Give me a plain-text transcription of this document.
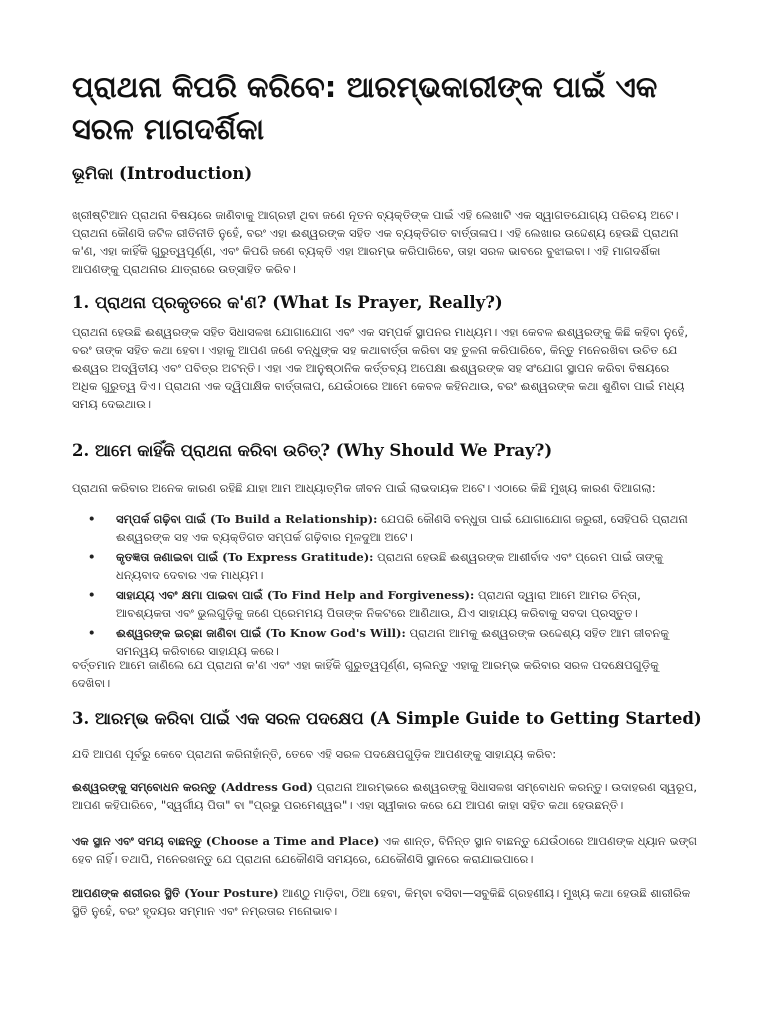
ପ୍ରାଥନା କିପରି କରିବେ: ଆରମ୍ଭକାରୀଙ୍କ ପାଇଁ ଏକ ସରଳ ମାଗଦର୍ଶିକା
ଭୂମିକା (Introduction)

ଖ୍ରୀଷ୍ଟିଆନ ପ୍ରାଥନା ବିଷୟରେ ଜାଣିବାକୁ ଆଗ୍ରହୀ ଥିବା ଜଣେ ନୂତନ ବ୍ୟକ୍ତିଙ୍କ ପାଇଁ ଏହି ଲେଖାଟି ଏକ ସ୍ୱାଗତଯୋଗ୍ୟ ପରିଚୟ ଅଟେ। ପ୍ରାଥନା କୌଣସି ଜଟିଳ ରୀତିନୀତି ନୁହେଁ, ବରଂ ଏହା ଈଶ୍ୱରଙ୍କ ସହିତ ଏକ ବ୍ୟକ୍ତିଗତ ବାର୍ତ୍ତାଳାପ। ଏହି ଲେଖାର ଉଦ୍ଦେଶ୍ୟ ହେଉଛି ପ୍ରାଥନା କ'ଣ, ଏହା କାହିଁକି ଗୁରୁତ୍ୱପୂର୍ଣ୍ଣ, ଏବଂ କିପରି ଜଣେ ବ୍ୟକ୍ତି ଏହା ଆରମ୍ଭ କରିପାରିବେ, ତାହା ସରଳ ଭାବରେ ବୁଝାଇବା। ଏହି ମାଗଦର୍ଶିକା ଆପଣଙ୍କୁ ପ୍ରାଥନାର ଯାତ୍ରାରେ ଉତ୍ସାହିତ କରିବ।

1. ପ୍ରାଥନା ପ୍ରକୃତରେ କ'ଣ? (What Is Prayer, Really?)

ପ୍ରାଥନା ହେଉଛି ଈଶ୍ୱରଙ୍କ ସହିତ ସିଧାସଳଖ ଯୋଗାଯୋଗ ଏବଂ ଏକ ସମ୍ପର୍କ ସ୍ଥାପନର ମାଧ୍ୟମ। ଏହା କେବଳ ଈଶ୍ୱରଙ୍କୁ କିଛି କହିବା ନୁହେଁ, ବରଂ ତାଙ୍କ ସହିତ କଥା ହେବା। ଏହାକୁ ଆପଣ ଜଣେ ବନ୍ଧୁଙ୍କ ସହ କଥାବାର୍ତ୍ତା କରିବା ସହ ତୁଳନା କରିପାରିବେ, କିନ୍ତୁ ମନେରଖିବା ଉଚିତ ଯେ ଈଶ୍ୱର ଅଦ୍ୱିତୀୟ ଏବଂ ପବିତ୍ର ଅଟନ୍ତି। ଏହା ଏକ ଆନୁଷ୍ଠାନିକ କର୍ତ୍ତବ୍ୟ ଅପେକ୍ଷା ଈଶ୍ୱରଙ୍କ ସହ ସଂଯୋଗ ସ୍ଥାପନ କରିବା ବିଷୟରେ ଅଧିକ ଗୁରୁତ୍ୱ ଦିଏ। ପ୍ରାଥନା ଏକ ଦ୍ୱିପାକ୍ଷିକ ବାର୍ତ୍ତାଳାପ, ଯେଉଁଠାରେ ଆମେ କେବଳ କହିନଥାଉ, ବରଂ ଈଶ୍ୱରଙ୍କ କଥା ଶୁଣିବା ପାଇଁ ମଧ୍ୟ ସମୟ ଦେଇଥାଉ।

2. ଆମେ କାହିଁକି ପ୍ରାଥନା କରିବା ଉଚିତ୍? (Why Should We Pray?)

ପ୍ରାଥନା କରିବାର ଅନେକ କାରଣ ରହିଛି ଯାହା ଆମ ଆଧ୍ୟାତ୍ମିକ ଜୀବନ ପାଇଁ ଲାଭଦାୟକ ଅଟେ। ଏଠାରେ କିଛି ମୁଖ୍ୟ କାରଣ ଦିଆଗଲା:

• ସମ୍ପର୍କ ଗଢ଼ିବା ପାଇଁ (To Build a Relationship): ଯେପରି କୌଣସି ବନ୍ଧୁତା ପାଇଁ ଯୋଗାଯୋଗ ଜରୁରୀ, ସେହିପରି ପ୍ରାଥନା ଈଶ୍ୱରଙ୍କ ସହ ଏକ ବ୍ୟକ୍ତିଗତ ସମ୍ପର୍କ ଗଢ଼ିବାର ମୂଳଦୁଆ ଅଟେ।
• କୃତଜ୍ଞତା ଜଣାଇବା ପାଇଁ (To Express Gratitude): ପ୍ରାଥନା ହେଉଛି ଈଶ୍ୱରଙ୍କ ଆଶୀର୍ବାଦ ଏବଂ ପ୍ରେମ ପାଇଁ ତାଙ୍କୁ ଧନ୍ୟବାଦ ଦେବାର ଏକ ମାଧ୍ୟମ।
• ସାହାଯ୍ୟ ଏବଂ କ୍ଷମା ପାଇବା ପାଇଁ (To Find Help and Forgiveness): ପ୍ରାଥନା ଦ୍ୱାରା ଆମେ ଆମର ଚିନ୍ତା, ଆବଶ୍ୟକତା ଏବଂ ଭୁଲଗୁଡ଼ିକୁ ଜଣେ ପ୍ରେମମୟ ପିତାଙ୍କ ନିକଟରେ ଆଣିଥାଉ, ଯିଏ ସାହାଯ୍ୟ କରିବାକୁ ସବଦା ପ୍ରସ୍ତୁତ।
• ଈଶ୍ୱରଙ୍କ ଇଚ୍ଛା ଜାଣିବା ପାଇଁ (To Know God's Will): ପ୍ରାଥନା ଆମକୁ ଈଶ୍ୱରଙ୍କ ଉଦ୍ଦେଶ୍ୟ ସହିତ ଆମ ଜୀବନକୁ ସମନ୍ୱୟ କରିବାରେ ସାହାଯ୍ୟ କରେ।

ବର୍ତ୍ତମାନ ଆମେ ଜାଣିଲେ ଯେ ପ୍ରାଥନା କ'ଣ ଏବଂ ଏହା କାହିଁକି ଗୁରୁତ୍ୱପୂର୍ଣ୍ଣ, ଚାଲନ୍ତୁ ଏହାକୁ ଆରମ୍ଭ କରିବାର ସରଳ ପଦକ୍ଷେପଗୁଡ଼ିକୁ ଦେଖିବା।

3. ଆରମ୍ଭ କରିବା ପାଇଁ ଏକ ସରଳ ପଦକ୍ଷେପ (A Simple Guide to Getting Started)

ଯଦି ଆପଣ ପୂର୍ବରୁ କେବେ ପ୍ରାଥନା କରିନାହାଁନ୍ତି, ତେବେ ଏହି ସରଳ ପଦକ୍ଷେପଗୁଡ଼ିକ ଆପଣଙ୍କୁ ସାହାଯ୍ୟ କରିବ:

ଈଶ୍ୱରଙ୍କୁ ସମ୍ବୋଧନ କରନ୍ତୁ (Address God) ପ୍ରାଥନା ଆରମ୍ଭରେ ଈଶ୍ୱରଙ୍କୁ ସିଧାସଳଖ ସମ୍ବୋଧନ କରନ୍ତୁ। ଉଦାହରଣ ସ୍ୱରୂପ, ଆପଣ କହିପାରିବେ, "ସ୍ୱର୍ଗୀୟ ପିତା" ବା "ପ୍ରଭୁ ପରମେଶ୍ୱର"। ଏହା ସ୍ୱୀକାର କରେ ଯେ ଆପଣ କାହା ସହିତ କଥା ହେଉଛନ୍ତି।

ଏକ ସ୍ଥାନ ଏବଂ ସମୟ ବାଛନ୍ତୁ (Choose a Time and Place) ଏକ ଶାନ୍ତ, ବିନିନ୍ତ ସ୍ଥାନ ବାଛନ୍ତୁ ଯେଉଁଠାରେ ଆପଣଙ୍କ ଧ୍ୟାନ ଭଙ୍ଗ ହେବ ନାହିଁ। ତଥାପି, ମନେରଖନ୍ତୁ ଯେ ପ୍ରାଥନା ଯେକୌଣସି ସମୟରେ, ଯେକୌଣସି ସ୍ଥାନରେ କରାଯାଇପାରେ।

ଆପଣଙ୍କ ଶରୀରର ସ୍ଥିତି (Your Posture) ଆଣ୍ଠୁ ମାଡ଼ିବା, ଠିଆ ହେବା, କିମ୍ବା ବସିବା—ସବୁକିଛି ଗ୍ରହଣୀୟ। ମୁଖ୍ୟ କଥା ହେଉଛି ଶାରୀରିକ ସ୍ଥିତି ନୁହେଁ, ବରଂ ହୃଦୟର ସମ୍ମାନ ଏବଂ ନମ୍ରତାର ମନୋଭାବ।
